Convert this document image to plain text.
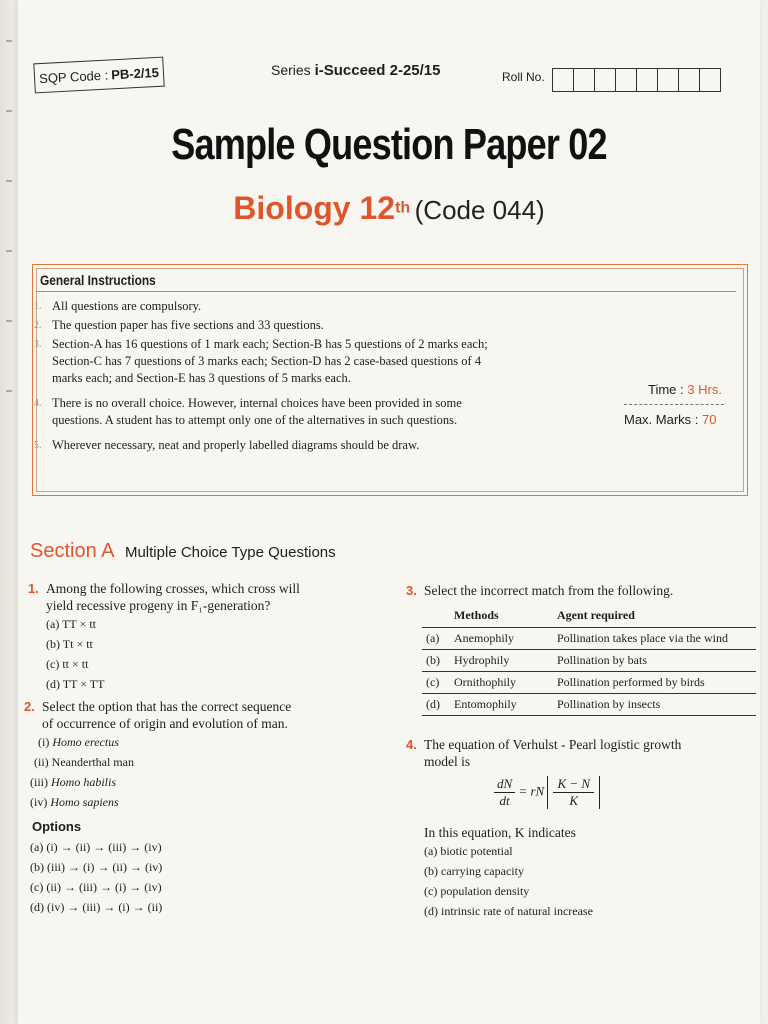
SQP Code : PB-2/15	Series i-Succeed 2-25/15	Roll No.
Sample Question Paper 02
Biology 12th (Code 044)
General Instructions
1. All questions are compulsory.
2. The question paper has five sections and 33 questions.
3. Section-A has 16 questions of 1 mark each; Section-B has 5 questions of 2 marks each; Section-C has 7 questions of 3 marks each; Section-D has 2 case-based questions of 4 marks each; and Section-E has 3 questions of 5 marks each.
4. There is no overall choice. However, internal choices have been provided in some questions. A student has to attempt only one of the alternatives in such questions.
5. Wherever necessary, neat and properly labelled diagrams should be draw.
Time : 3 Hrs.
Max. Marks : 70
Section A Multiple Choice Type Questions
1. Among the following crosses, which cross will
yield recessive progeny in F₁-generation?
(a) TT × tt
(b) Tt × tt
(c) tt × tt
(d) TT × TT
2. Select the option that has the correct sequence
of occurrence of origin and evolution of man.
(i) Homo erectus
(ii) Neanderthal man
(iii) Homo habilis
(iv) Homo sapiens
Options
(a) (i) → (ii) → (iii) → (iv)
(b) (iii) → (i) → (ii) → (iv)
(c) (ii) → (iii) → (i) → (iv)
(d) (iv) → (iii) → (i) → (ii)
3. Select the incorrect match from the following.
	Methods	Agent required
(a)	Anemophily	Pollination takes place via the wind
(b)	Hydrophily	Pollination by bats
(c)	Ornithophily	Pollination performed by birds
(d)	Entomophily	Pollination by insects
4. The equation of Verhulst - Pearl logistic growth
model is
$\frac{dN}{dt}$ = rN $\frac{K - N}{K}$
In this equation, K indicates
(a) biotic potential
(b) carrying capacity
(c) population density
(d) intrinsic rate of natural increase
